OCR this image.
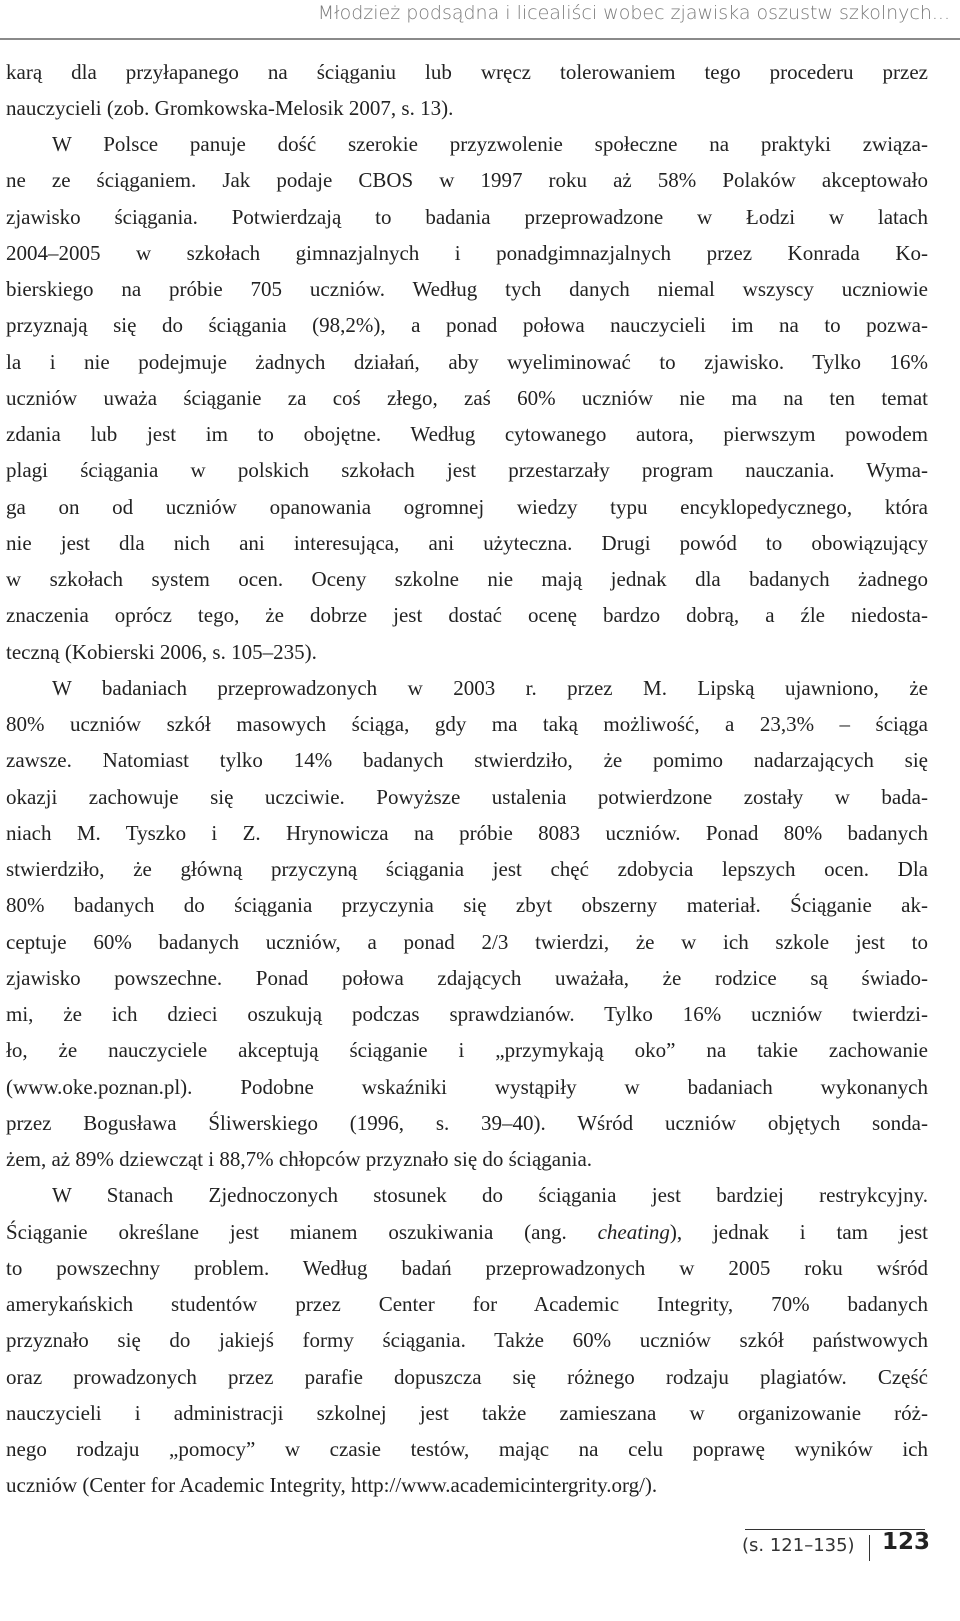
Młodzież podsądna i licealiści wobec zjawiska oszustw szkolnych...
karą dla przyłapanego na ściąganiu lub wręcz tolerowaniem tego procederu przez
nauczycieli (zob. Gromkowska-Melosik 2007, s. 13).
W Polsce panuje dość szerokie przyzwolenie społeczne na praktyki związa-
ne ze ściąganiem. Jak podaje CBOS w 1997 roku aż 58% Polaków akceptowało
zjawisko ściągania. Potwierdzają to badania przeprowadzone w Łodzi w latach
2004–2005 w szkołach gimnazjalnych i ponadgimnazjalnych przez Konrada Ko-
bierskiego na próbie 705 uczniów. Według tych danych niemal wszyscy uczniowie
przyznają się do ściągania (98,2%), a ponad połowa nauczycieli im na to pozwa-
la i nie podejmuje żadnych działań, aby wyeliminować to zjawisko. Tylko 16%
uczniów uważa ściąganie za coś złego, zaś 60% uczniów nie ma na ten temat
zdania lub jest im to obojętne. Według cytowanego autora, pierwszym powodem
plagi ściągania w polskich szkołach jest przestarzały program nauczania. Wyma-
ga on od uczniów opanowania ogromnej wiedzy typu encyklopedycznego, która
nie jest dla nich ani interesująca, ani użyteczna. Drugi powód to obowiązujący
w szkołach system ocen. Oceny szkolne nie mają jednak dla badanych żadnego
znaczenia oprócz tego, że dobrze jest dostać ocenę bardzo dobrą, a źle niedosta-
teczną (Kobierski 2006, s. 105–235).
W badaniach przeprowadzonych w 2003 r. przez M. Lipską ujawniono, że
80% uczniów szkół masowych ściąga, gdy ma taką możliwość, a 23,3% – ściąga
zawsze. Natomiast tylko 14% badanych stwierdziło, że pomimo nadarzających się
okazji zachowuje się uczciwie. Powyższe ustalenia potwierdzone zostały w bada-
niach M. Tyszko i Z. Hrynowicza na próbie 8083 uczniów. Ponad 80% badanych
stwierdziło, że główną przyczyną ściągania jest chęć zdobycia lepszych ocen. Dla
80% badanych do ściągania przyczynia się zbyt obszerny materiał. Ściąganie ak-
ceptuje 60% badanych uczniów, a ponad 2/3 twierdzi, że w ich szkole jest to
zjawisko powszechne. Ponad połowa zdających uważała, że rodzice są świado-
mi, że ich dzieci oszukują podczas sprawdzianów. Tylko 16% uczniów twierdzi-
ło, że nauczyciele akceptują ściąganie i „przymykają oko” na takie zachowanie
(www.oke.poznan.pl). Podobne wskaźniki wystąpiły w badaniach wykonanych
przez Bogusława Śliwerskiego (1996, s. 39–40). Wśród uczniów objętych sonda-
żem, aż 89% dziewcząt i 88,7% chłopców przyznało się do ściągania.
W Stanach Zjednoczonych stosunek do ściągania jest bardziej restrykcyjny.
Ściąganie określane jest mianem oszukiwania (ang. cheating), jednak i tam jest
to powszechny problem. Według badań przeprowadzonych w 2005 roku wśród
amerykańskich studentów przez Center for Academic Integrity, 70% badanych
przyznało się do jakiejś formy ściągania. Także 60% uczniów szkół państwowych
oraz prowadzonych przez parafie dopuszcza się różnego rodzaju plagiatów. Część
nauczycieli i administracji szkolnej jest także zamieszana w organizowanie róż-
nego rodzaju „pomocy” w czasie testów, mając na celu poprawę wyników ich
uczniów (Center for Academic Integrity, http://www.academicintergrity.org/).
(s. 121–135) 123
